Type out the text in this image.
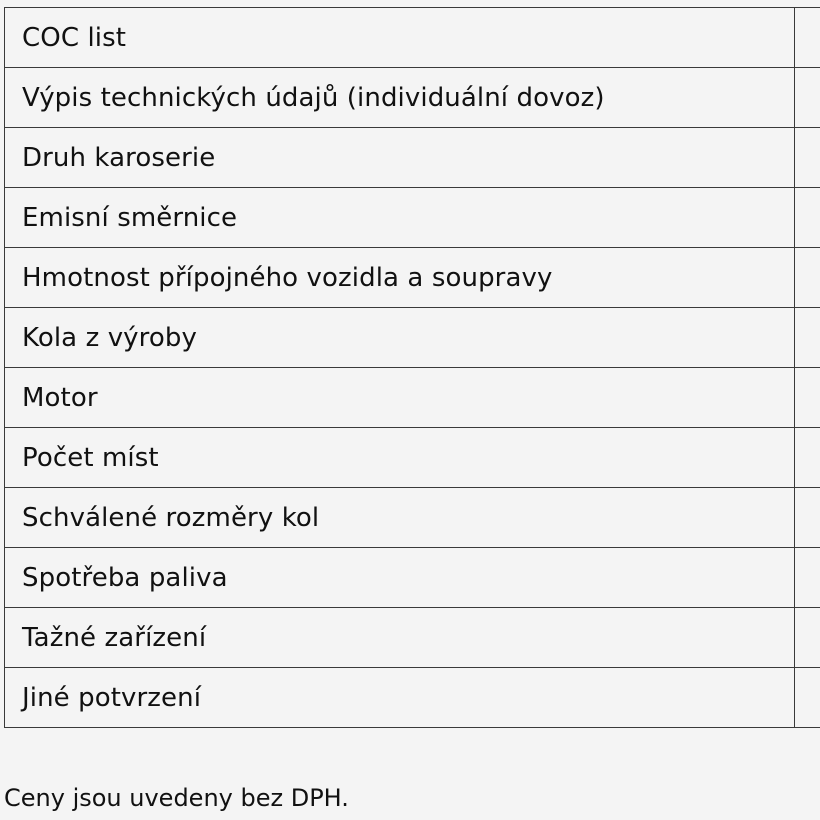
COC list
Výpis technických údajů (individuální dovoz)
Druh karoserie
Emisní směrnice
Hmotnost přípojného vozidla a soupravy
Kola z výroby
Motor
Počet míst
Schválené rozměry kol
Spotřeba paliva
Tažné zařízení
Jiné potvrzení
Ceny jsou uvedeny bez DPH.
